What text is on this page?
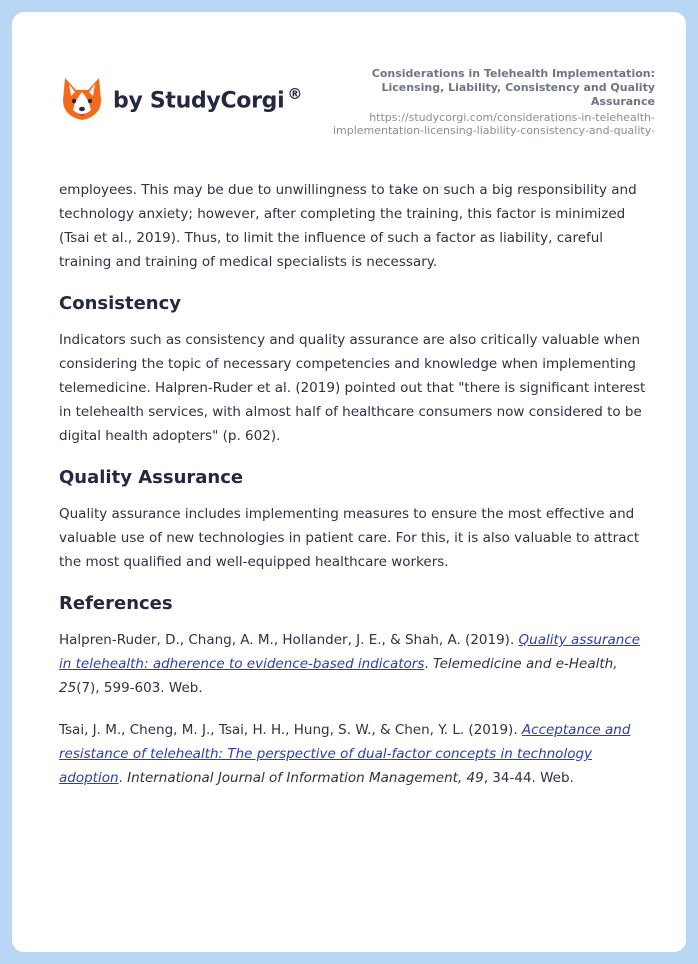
by StudyCorgi ®
Considerations in Telehealth Implementation: Licensing, Liability, Consistency and Quality Assurance
https://studycorgi.com/considerations-in-telehealth-implementation-licensing-liability-consistency-and-quality-

employees. This may be due to unwillingness to take on such a big responsibility and technology anxiety; however, after completing the training, this factor is minimized (Tsai et al., 2019). Thus, to limit the influence of such a factor as liability, careful training and training of medical specialists is necessary.

Consistency

Indicators such as consistency and quality assurance are also critically valuable when considering the topic of necessary competencies and knowledge when implementing telemedicine. Halpren-Ruder et al. (2019) pointed out that "there is significant interest in telehealth services, with almost half of healthcare consumers now considered to be digital health adopters" (p. 602).

Quality Assurance

Quality assurance includes implementing measures to ensure the most effective and valuable use of new technologies in patient care. For this, it is also valuable to attract the most qualified and well-equipped healthcare workers.

References

Halpren-Ruder, D., Chang, A. M., Hollander, J. E., & Shah, A. (2019). Quality assurance in telehealth: adherence to evidence-based indicators. Telemedicine and e-Health, 25(7), 599-603. Web.

Tsai, J. M., Cheng, M. J., Tsai, H. H., Hung, S. W., & Chen, Y. L. (2019). Acceptance and resistance of telehealth: The perspective of dual-factor concepts in technology adoption. International Journal of Information Management, 49, 34-44. Web.
